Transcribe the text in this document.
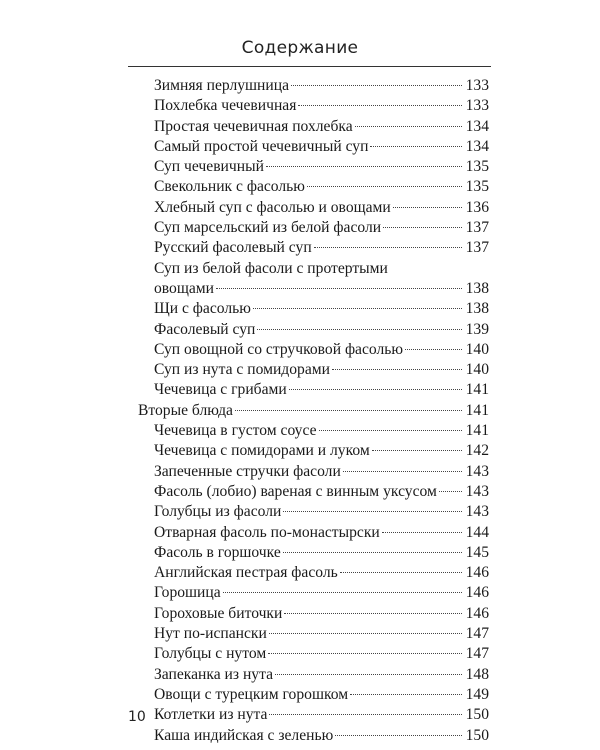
Содержание
Зимняя перлушница	133
Похлебка чечевичная	133
Простая чечевичная похлебка	134
Самый простой чечевичный суп	134
Суп чечевичный	135
Свекольник с фасолью	135
Хлебный суп с фасолью и овощами	136
Суп марсельский из белой фасоли	137
Русский фасолевый суп	137
Суп из белой фасоли с протертыми
овощами	138
Щи с фасолью	138
Фасолевый суп	139
Суп овощной со стручковой фасолью	140
Суп из нута с помидорами	140
Чечевица с грибами	141
Вторые блюда	141
Чечевица в густом соусе	141
Чечевица с помидорами и луком	142
Запеченные стручки фасоли	143
Фасоль (лобио) вареная с винным уксусом 143
Голубцы из фасоли	143
Отварная фасоль по-монастырски	144
Фасоль в горшочке	145
Английская пестрая фасоль	146
Горошица	146
Гороховые биточки	146
Нут по-испански	147
Голубцы с нутом	147
Запеканка из нута	148
Овощи с турецким горошком	149
Котлетки из нута	150
Каша индийская с зеленью	150
10
